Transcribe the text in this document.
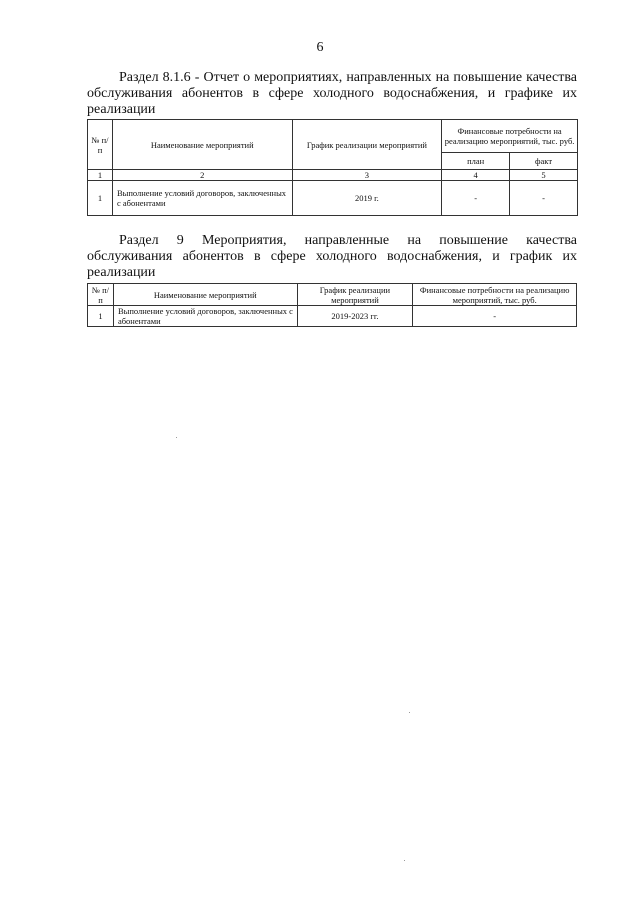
6
Раздел 8.1.6 - Отчет о мероприятиях, направленных на повышение качества обслуживания абонентов в сфере холодного водоснабжения, и графике их реализации
№ п/п	Наименование мероприятий	График реализации мероприятий	Финансовые потребности на реализацию мероприятий, тыс. руб.	
			план	факт
1	2	3	4	5
1	Выполнение условий договоров, заключенных с абонентами	2019 г.	-	-
Раздел 9 Мероприятия, направленные на повышение качества обслуживания абонентов в сфере холодного водоснабжения, и график их реализации
№ п/п	Наименование мероприятий	График реализации мероприятий	Финансовые потребности на реализацию мероприятий, тыс. руб.
1	Выполнение условий договоров, заключенных с абонентами	2019-2023 гг.	-
